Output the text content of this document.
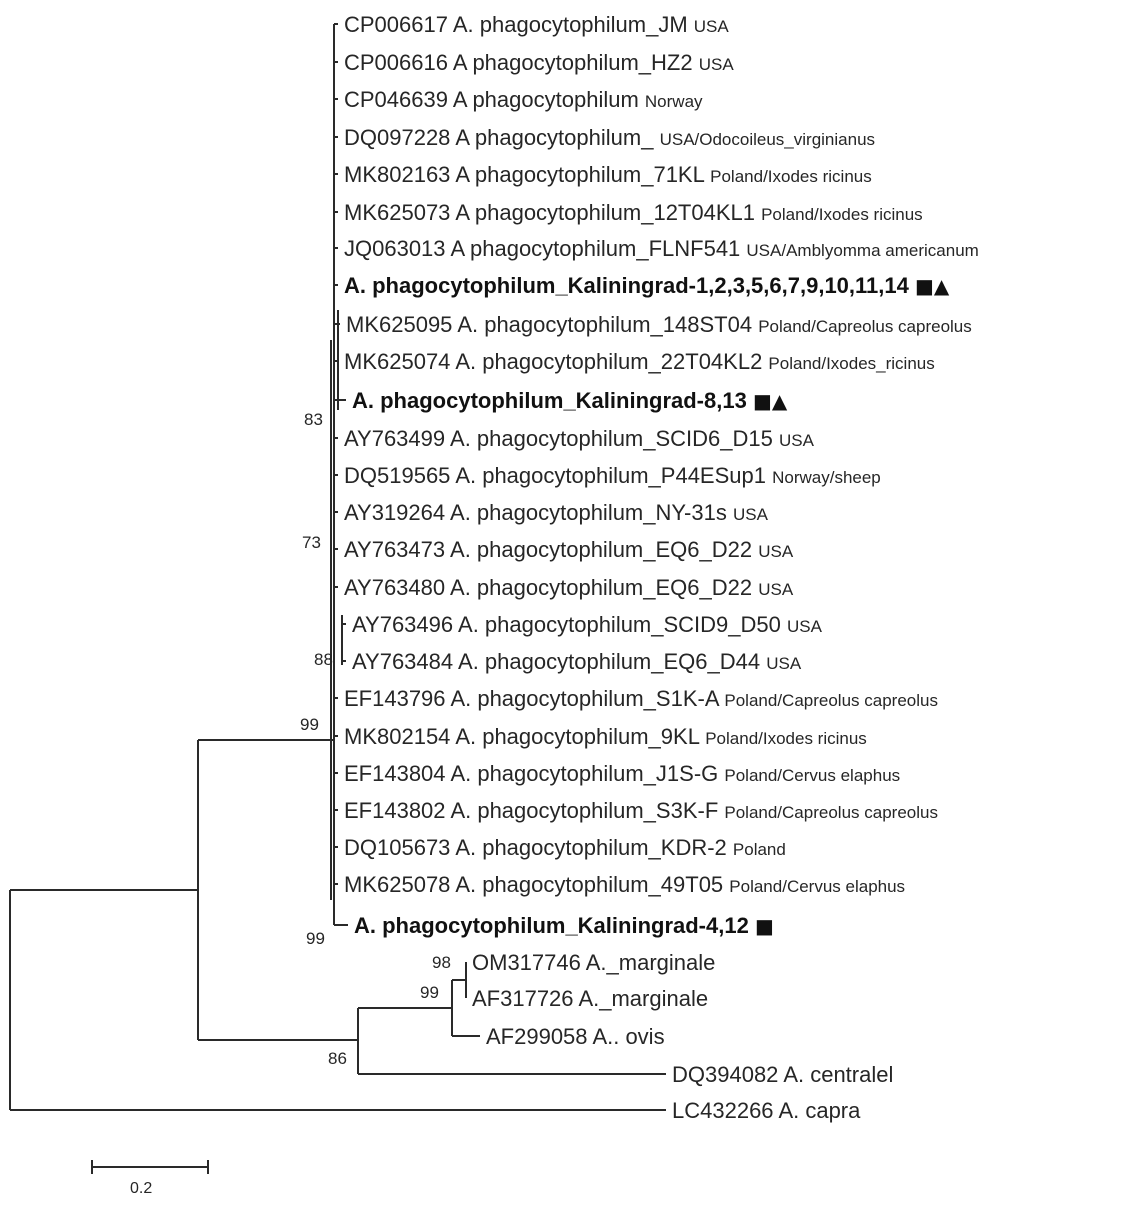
CP006617 A. phagocytophilum_JM USA
CP006616 A phagocytophilum_HZ2 USA
CP046639 A phagocytophilum Norway
DQ097228 A phagocytophilum_ USA/Odocoileus_virginianus
MK802163 A phagocytophilum_71KL Poland/Ixodes ricinus
MK625073 A phagocytophilum_12T04KL1 Poland/Ixodes ricinus
JQ063013 A phagocytophilum_FLNF541 USA/Amblyomma americanum
A. phagocytophilum_Kaliningrad-1,2,3,5,6,7,9,10,11,14 ■▲
MK625095 A. phagocytophilum_148ST04 Poland/Capreolus capreolus
MK625074 A. phagocytophilum_22T04KL2 Poland/Ixodes_ricinus
A. phagocytophilum_Kaliningrad-8,13 ■▲
AY763499 A. phagocytophilum_SCID6_D15 USA
DQ519565 A. phagocytophilum_P44ESup1 Norway/sheep
AY319264 A. phagocytophilum_NY-31s USA
AY763473 A. phagocytophilum_EQ6_D22 USA
AY763480 A. phagocytophilum_EQ6_D22 USA
AY763496 A. phagocytophilum_SCID9_D50 USA
AY763484 A. phagocytophilum_EQ6_D44 USA
EF143796 A. phagocytophilum_S1K-A Poland/Capreolus capreolus
MK802154 A. phagocytophilum_9KL Poland/Ixodes ricinus
EF143804 A. phagocytophilum_J1S-G Poland/Cervus elaphus
EF143802 A. phagocytophilum_S3K-F Poland/Capreolus capreolus
DQ105673 A. phagocytophilum_KDR-2 Poland
MK625078 A. phagocytophilum_49T05 Poland/Cervus elaphus
A. phagocytophilum_Kaliningrad-4,12 ■
OM317746 A._marginale
AF317726 A._marginale
AF299058 A.. ovis
DQ394082 A. centralel
LC432266 A. capra
83
73
88
99
99
98
99
86
0.2
